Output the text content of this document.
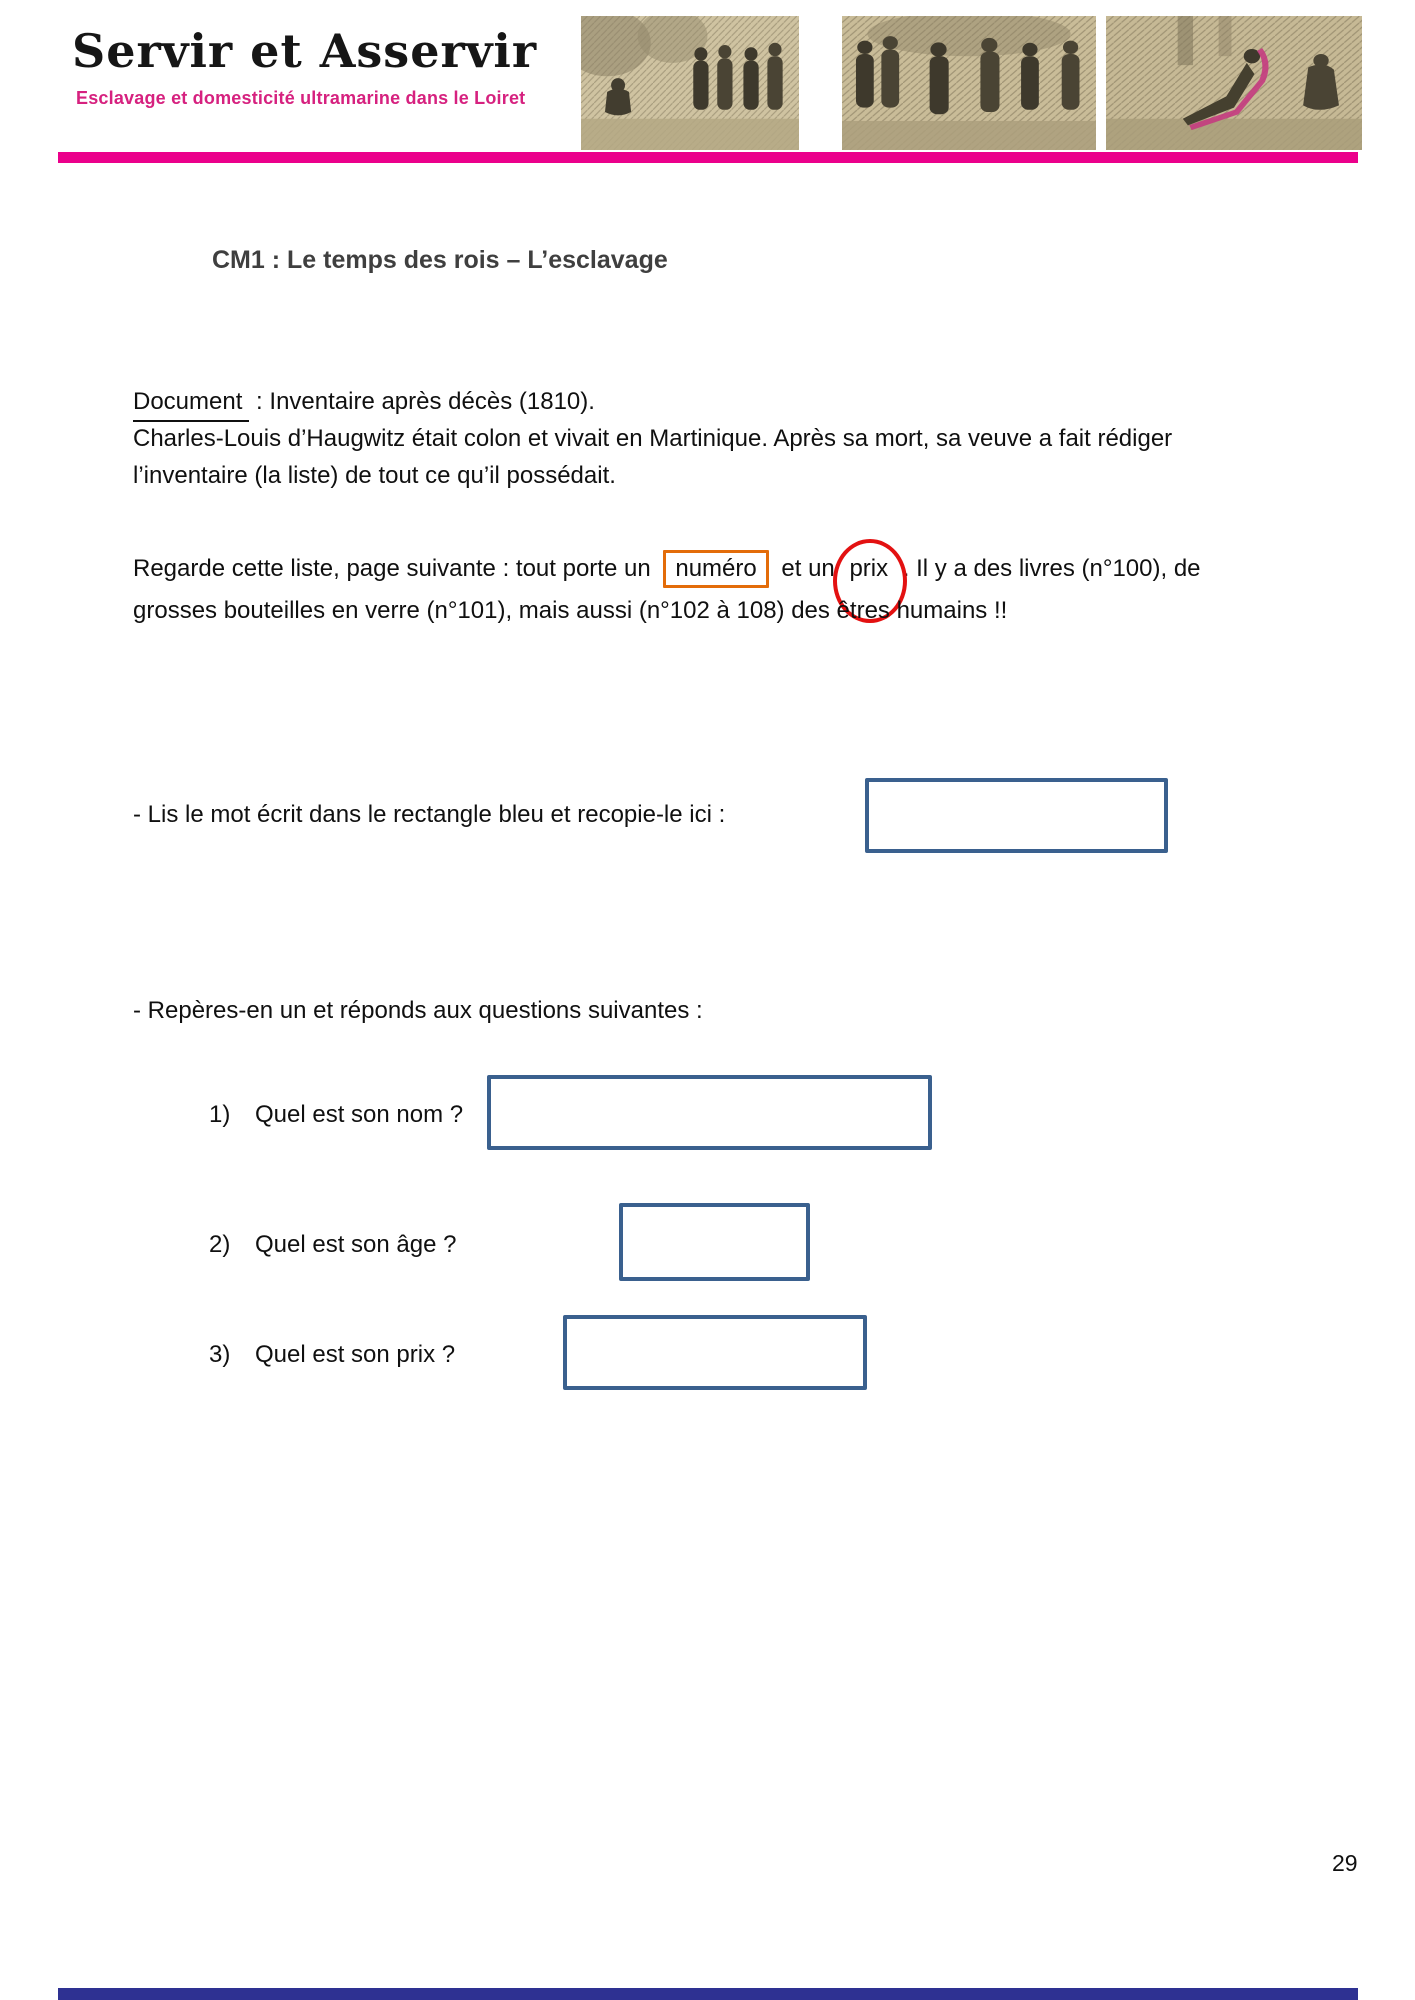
Servir et Asservir
Esclavage et domesticité ultramarine dans le Loiret
CM1 : Le temps des rois – L’esclavage
Document : Inventaire après décès (1810).
Charles-Louis d’Haugwitz était colon et vivait en Martinique. Après sa mort, sa veuve a fait rédiger
l’inventaire (la liste) de tout ce qu’il possédait.
Regarde cette liste, page suivante : tout porte un numéro et un prix . Il y a des livres (n°100), de
grosses bouteilles en verre (n°101), mais aussi (n°102 à 108) des êtres humains !!
- Lis le mot écrit dans le rectangle bleu et recopie-le ici :
- Repères-en un et réponds aux questions suivantes :
1) Quel est son nom ?
2) Quel est son âge ?
3) Quel est son prix ?
29
